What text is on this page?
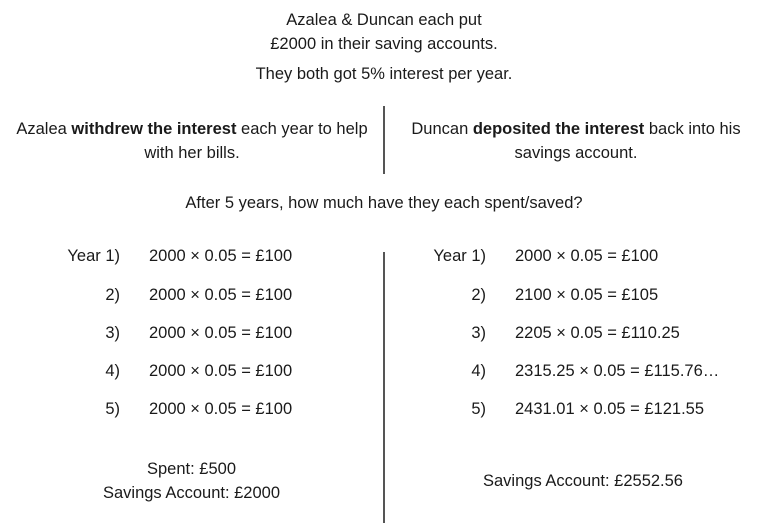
Azalea & Duncan each put
£2000 in their saving accounts.
They both got 5% interest per year.
Azalea withdrew the interest each year to help with her bills.
Duncan deposited the interest back into his savings account.
After 5 years, how much have they each spent/saved?
Year 1) 2000 × 0.05 = £100
2) 2000 × 0.05 = £100
3) 2000 × 0.05 = £100
4) 2000 × 0.05 = £100
5) 2000 × 0.05 = £100
Year 1) 2000 × 0.05 = £100
2) 2100 × 0.05 = £105
3) 2205 × 0.05 = £110.25
4) 2315.25 × 0.05 = £115.76…
5) 2431.01 × 0.05 = £121.55
Spent: £500
Savings Account: £2000
Savings Account: £2552.56
